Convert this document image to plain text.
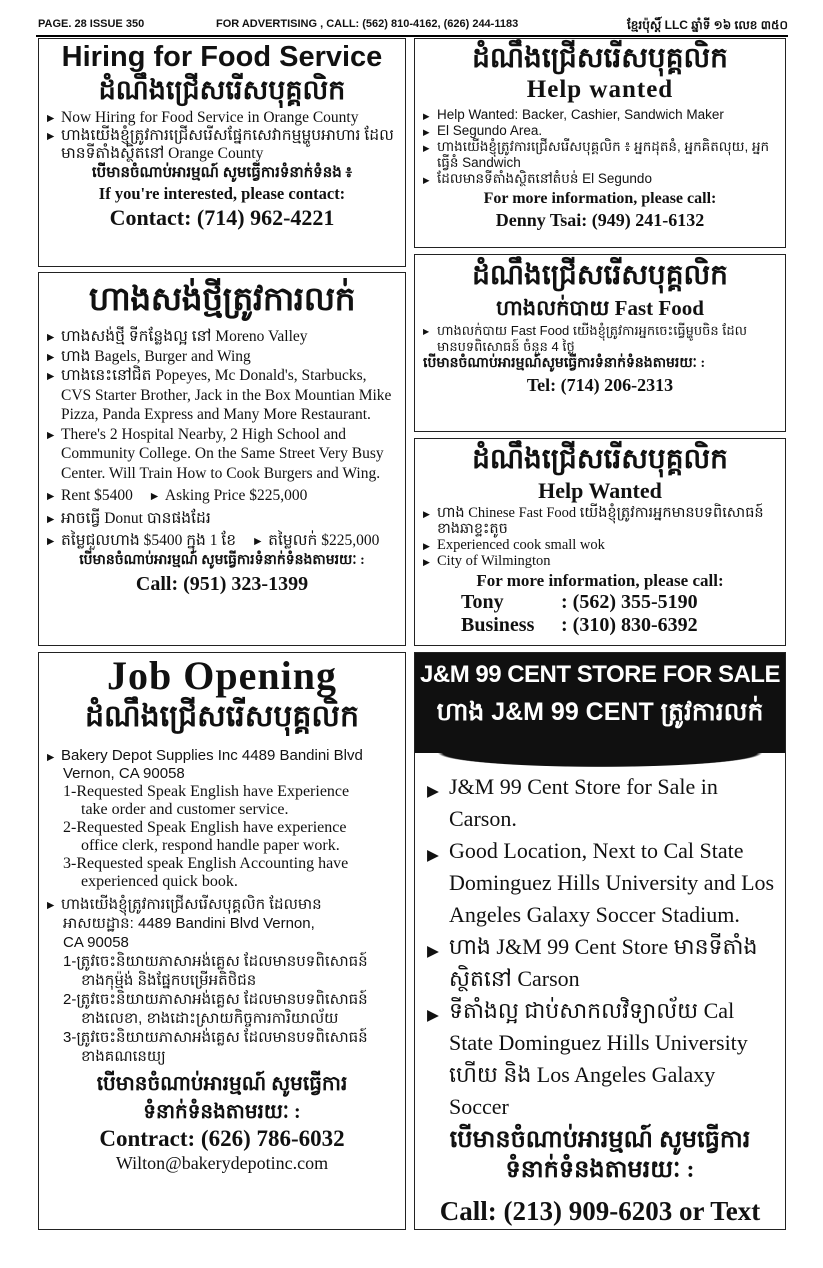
PAGE. 28 ISSUE 350	FOR ADVERTISING , CALL: (562) 810-4162, (626) 244-1183	ខ្មែរប៉ុស្តិ៍ LLC ឆ្នាំទី ១៦ លេខ ៣៥០
Hiring for Food Service
ដំណឹងជ្រើសរើសបុគ្គលិក
▶ Now Hiring for Food Service in Orange County
▶ ហាងយើងខ្ញុំត្រូវការជ្រើសរើសផ្នែកសេវាកម្មម្ហូបអាហារ ដែលមានទីតាំងស្ថិតនៅ Orange County
បើមានចំណាប់អារម្មណ៍ សូមធ្វើការទំនាក់ទំនង ៖
If you're interested, please contact:
Contact: (714) 962-4221
ដំណឹងជ្រើសរើសបុគ្គលិក
Help wanted
▶ Help Wanted: Backer, Cashier, Sandwich Maker
▶ El Segundo Area.
▶ ហាងយើងខ្ញុំត្រូវការជ្រើសរើសបុគ្គលិក ៖ អ្នកដុតនំ, អ្នកគិតលុយ, អ្នកធ្វើនំ Sandwich
▶ ដែលមានទីតាំងស្ថិតនៅតំបន់ El Segundo
For more information, please call:
Denny Tsai: (949) 241-6132
ហាងសង់ថ្មីត្រូវការលក់
▶ ហាងសង់ថ្មី ទីកន្លែងល្អ នៅ Moreno Valley
▶ ហាង Bagels, Burger and Wing
▶ ហាងនេះនៅជិត Popeyes, Mc Donald's, Starbucks, CVS Starter Brother, Jack in the Box Mountian Mike Pizza, Panda Express and Many More Restaurant.
▶ There's 2 Hospital Nearby, 2 High School and Community College. On the Same Street Very Busy Center. Will Train How to Cook Burgers and Wing.
▶ Rent $5400	▶ Asking Price $225,000
▶ អាចធ្វើ Donut បានផងដែរ
▶ តម្លៃជួលហាង $5400 ក្នុង 1 ខែ	▶ តម្លៃលក់ $225,000
បើមានចំណាប់អារម្មណ៍ សូមធ្វើការទំនាក់ទំនងតាមរយៈ :
Call: (951) 323-1399
ដំណឹងជ្រើសរើសបុគ្គលិក
ហាងលក់បាយ Fast Food
▶ ហាងលក់បាយ Fast Food យើងខ្ញុំត្រូវការអ្នកចេះធ្វើម្ហូបចិន ដែលមានបទពិសោធន៍ ចំនួន 4 ថ្ងៃ
បើមានចំណាប់អារម្មណ៍សូមធ្វើការទំនាក់ទំនងតាមរយៈ :
Tel: (714) 206-2313
ដំណឹងជ្រើសរើសបុគ្គលិក
Help Wanted
▶ ហាង Chinese Fast Food យើងខ្ញុំត្រូវការអ្នកមានបទពិសោធន៍ខាងឆាខ្ទះតូច
▶ Experienced cook small wok
▶ City of Wilmington
For more information, please call:
Tony	: (562) 355-5190
Business	: (310) 830-6392
Job Opening
ដំណឹងជ្រើសរើសបុគ្គលិក
▶ Bakery Depot Supplies Inc 4489 Bandini Blvd
Vernon, CA 90058
1-Requested Speak English have Experience
take order and customer service.
2-Requested Speak English have experience
office clerk, respond handle paper work.
3-Requested speak English Accounting have
experienced quick book.
▶ ហាងយើងខ្ញុំត្រូវការជ្រើសរើសបុគ្គលិក ដែលមាន
អាសយដ្ឋាន: 4489 Bandini Blvd Vernon,
CA 90058
1-ត្រូវចេះនិយាយភាសាអង់គ្លេស ដែលមានបទពិសោធន៍
ខាងកុម្ម៉ង់ និងផ្នែកបម្រើអតិថិជន
2-ត្រូវចេះនិយាយភាសាអង់គ្លេស ដែលមានបទពិសោធន៍
ខាងលេខា, ខាងដោះស្រាយកិច្ចការការិយាល័យ
3-ត្រូវចេះនិយាយភាសាអង់គ្លេស ដែលមានបទពិសោធន៍
ខាងគណនេយ្យ
បើមានចំណាប់អារម្មណ៍ សូមធ្វើការ
ទំនាក់ទំនងតាមរយៈ :
Contract: (626) 786-6032
Wilton@bakerydepotinc.com
J&M 99 CENT STORE FOR SALE
ហាង J&M 99 CENT ត្រូវការលក់
▶ J&M 99 Cent Store for Sale in Carson.
▶ Good Location, Next to Cal State Dominguez Hills University and Los Angeles Galaxy Soccer Stadium.
▶ ហាង J&M 99 Cent Store មានទីតាំងស្ថិតនៅ Carson
▶ ទីតាំងល្អ ជាប់សាកលវិទ្យាល័យ Cal State Dominguez Hills University ហើយ និង Los Angeles Galaxy Soccer
បើមានចំណាប់អារម្មណ៍ សូមធ្វើការ
ទំនាក់ទំនងតាមរយៈ :
Call: (213) 909-6203 or Text
